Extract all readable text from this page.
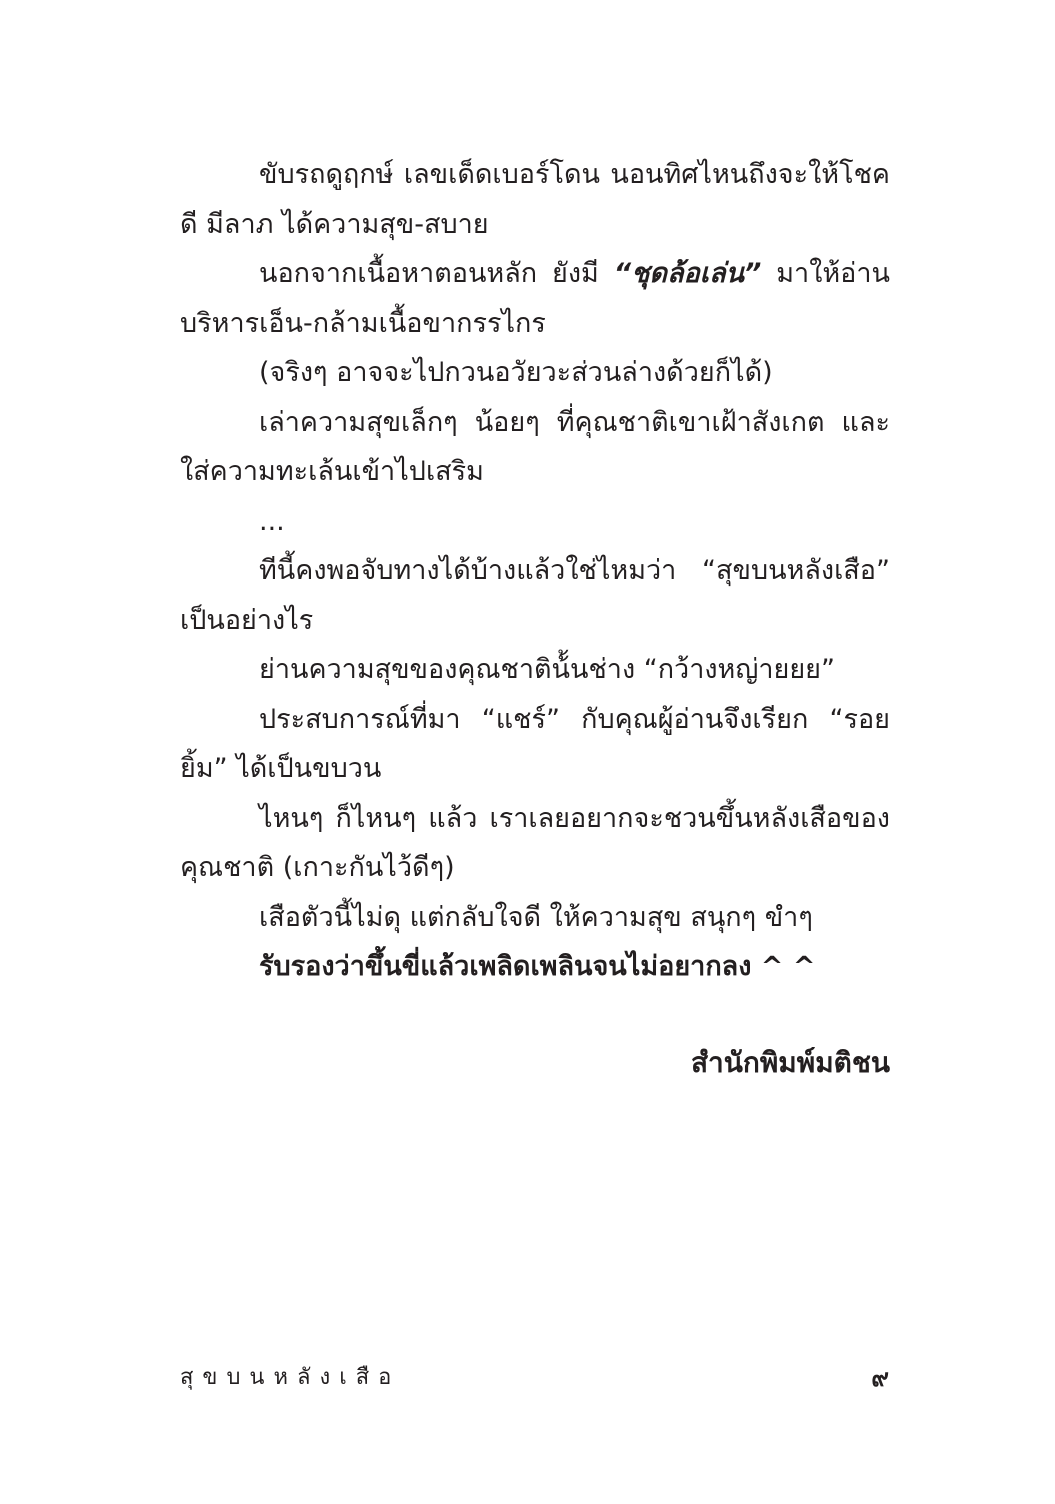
ขับรถดูฤกษ์ เลขเด็ดเบอร์โดน นอนทิศไหนถึงจะให้โชคดี มีลาภ ได้ความสุข-สบาย

นอกจากเนื้อหาตอนหลัก ยังมี “ชุดล้อเล่น” มาให้อ่าน บริหารเอ็น-กล้ามเนื้อขากรรไกร

(จริงๆ อาจจะไปกวนอวัยวะส่วนล่างด้วยก็ได้)

เล่าความสุขเล็กๆ น้อยๆ ที่คุณชาติเขาเฝ้าสังเกต และใส่ความทะเล้นเข้าไปเสริม

...

ทีนี้คงพอจับทางได้บ้างแล้วใช่ไหมว่า “สุขบนหลังเสือ” เป็นอย่างไร

ย่านความสุขของคุณชาติน้้นช่าง “กว้างหญ่ายยย”

ประสบการณ์ที่มา “แชร์” กับคุณผู้อ่านจึงเรียก “รอยยิ้ม” ได้เป็นขบวน

ไหนๆ ก็ไหนๆ แล้ว เราเลยอยากจะชวนขึ้นหลังเสือของคุณชาติ (เกาะกันไว้ดีๆ)

เสือตัวนี้ไม่ดุ แต่กลับใจดี ให้ความสุข สนุกๆ ขำๆ

รับรองว่าขึ้นขี่แล้วเพลิดเพลินจนไม่อยากลง ^ ^

สำนักพิมพ์มติชน
สุขบนหลังเสือ	๙
